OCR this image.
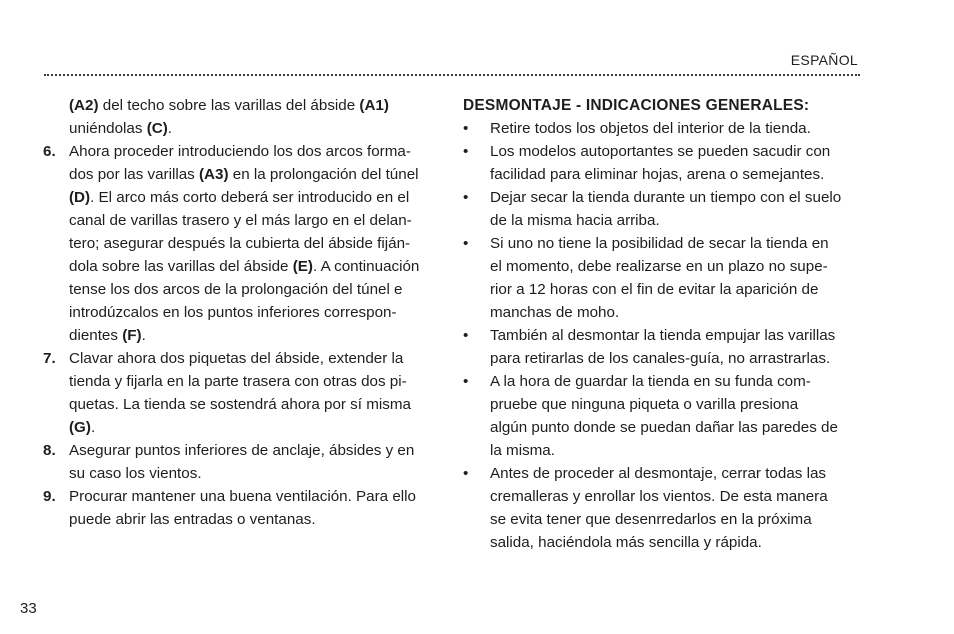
ESPAÑOL
(A2) del techo sobre las varillas del ábside (A1)
uniéndolas (C).
6. Ahora proceder introduciendo los dos arcos forma-
dos por las varillas (A3) en la prolongación del túnel
(D). El arco más corto deberá ser introducido en el
canal de varillas trasero y el más largo en el delan-
tero; asegurar después la cubierta del ábside fiján-
dola sobre las varillas del ábside (E). A continuación
tense los dos arcos de la prolongación del túnel e
introdúzcalos en los puntos inferiores correspon-
dientes (F).
7. Clavar ahora dos piquetas del ábside, extender la
tienda y fijarla en la parte trasera con otras dos pi-
quetas. La tienda se sostendrá ahora por sí misma
(G).
8. Asegurar puntos inferiores de anclaje, ábsides y en
su caso los vientos.
9. Procurar mantener una buena ventilación. Para ello
puede abrir las entradas o ventanas.
DESMONTAJE - INDICACIONES GENERALES:
•	Retire todos los objetos del interior de la tienda.
•	Los modelos autoportantes se pueden sacudir con
facilidad para eliminar hojas, arena o semejantes.
•	Dejar secar la tienda durante un tiempo con el suelo
de la misma hacia arriba.
•	Si uno no tiene la posibilidad de secar la tienda en
el momento, debe realizarse en un plazo no supe-
rior a 12 horas con el fin de evitar la aparición de
manchas de moho.
•	También al desmontar la tienda empujar las varillas
para retirarlas de los canales-guía, no arrastrarlas.
•	A la hora de guardar la tienda en su funda com-
pruebe que ninguna piqueta o varilla presiona
algún punto donde se puedan dañar las paredes de
la misma.
•	Antes de proceder al desmontaje, cerrar todas las
cremalleras y enrollar los vientos. De esta manera
se evita tener que desenrredarlos en la próxima
salida, haciéndola más sencilla y rápida.
33
